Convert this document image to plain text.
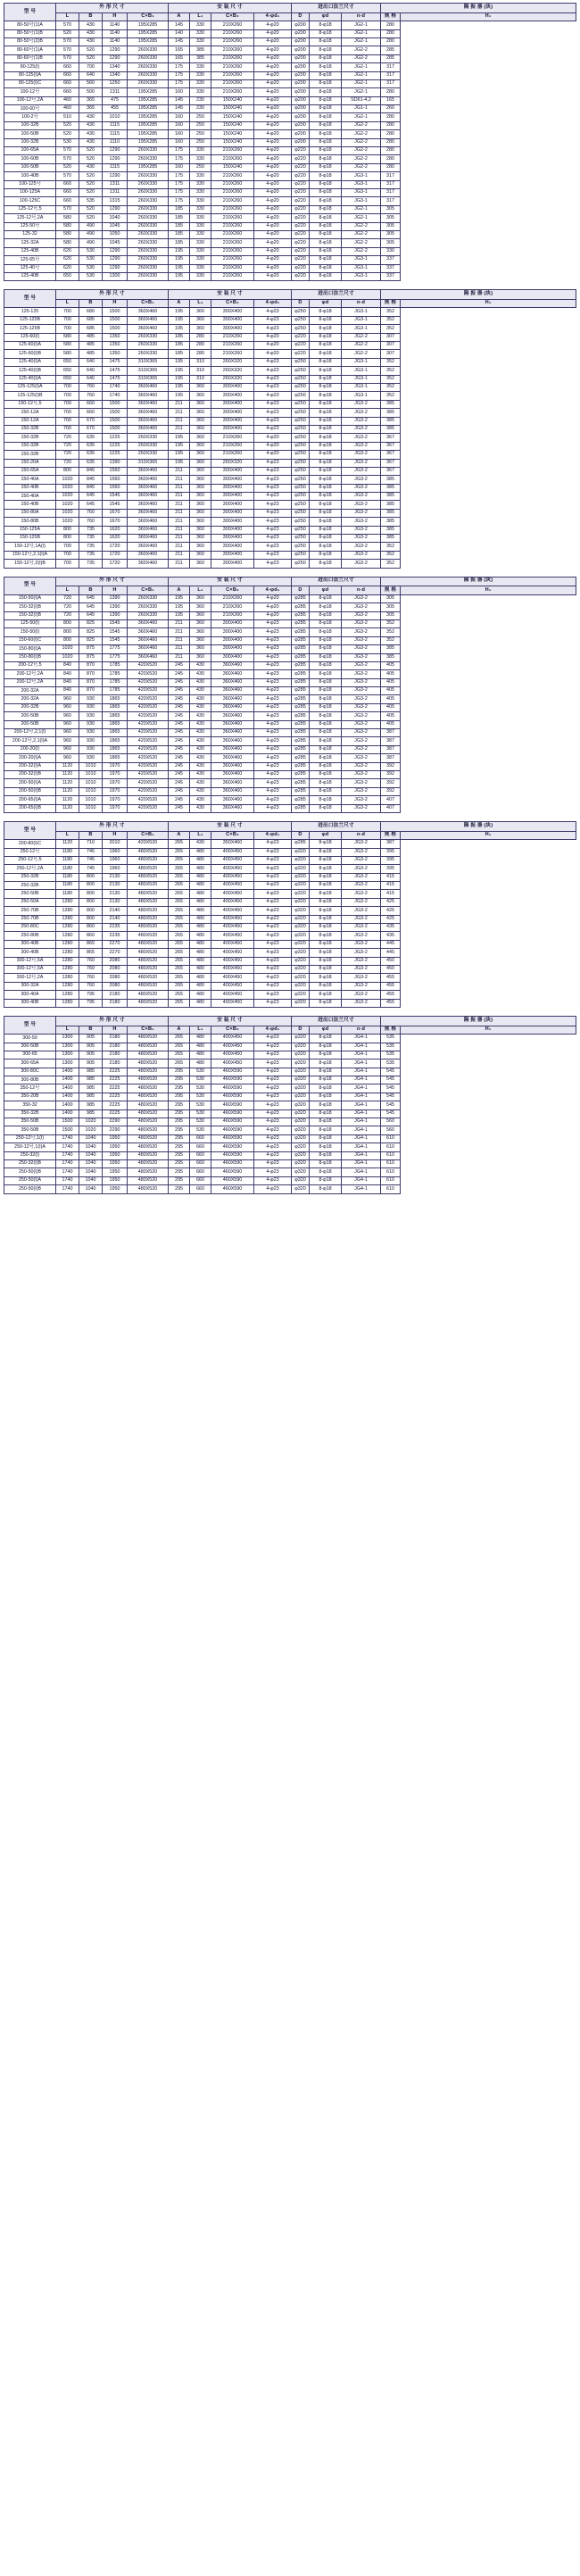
型 号	外 形 尺 寸				安 装 尺 寸				进出口法兰尺寸			隔 振 器 (块)	
	L	B	H	C×B₁	A	L₁	C×B₂	4-φd₁	D	φd	n-d	规 格	H₁
80-50号(1)A	570	430	1140	195X285	145	330	210X260	4-φ20	φ200	8-φ18	JG2-1	280	
80-50号(1)B	520	430	1140	195X285	140	330	210X260	4-φ20	φ200	8-φ18	JG2-1	280	
80-50号(2)B	570	430	1140	195X285	145	330	210X260	4-φ20	φ200	8-φ18	JG2-1	280	
80-60号(1)A	570	520	1290	260X330	165	385	210X260	4-φ20	φ200	8-φ18	JG2-2	285	
80-60号(1)B	570	520	1290	260X330	165	385	210X260	4-φ20	φ200	8-φ18	JG2-2	285	
80-125(I)	660	700	1340	260X330	175	330	210X260	4-φ20	φ200	8-φ18	JG2-1	317	
80-125(I)A	660	640	1340	260X330	175	330	210X260	4-φ20	φ200	8-φ18	JG2-1	317	
80-125(I)C	660	560	1250	260X330	175	330	210X260	4-φ20	φ200	8-φ18	JG2-1	317	
100-12号	660	500	1311	195X285	160	330	210X260	4-φ20	φ200	8-φ18	JG2-1	280	
100-12号,2A	460	365	475	195X285	145	230	150X240	4-φ20	φ200	8-φ18	SD61-4,2	165	
100-60号	460	365	455	195X285	145	230	150X240	4-φ20	φ200	8-φ18	JG1-1	260	
100-2号	510	430	1010	195X285	160	250	150X240	4-φ20	φ200	8-φ18	JG2-1	280	
100-32B	520	430	1115	195X285	160	250	150X240	4-φ20	φ200	8-φ18	JG2-2	280	
100-50B	520	430	1115	195X285	160	250	150X240	4-φ20	φ200	8-φ18	JG2-2	280	
100-32B	530	430	1110	195X285	160	250	150X240	4-φ20	φ200	8-φ18	JG2-2	280	
100-65A	570	520	1290	260X330	175	330	210X260	4-φ20	φ220	8-φ18	JG2-2	280	
100-60B	570	520	1290	260X330	175	330	210X260	4-φ20	φ220	8-φ18	JG2-2	280	
100-50B	520	430	1115	195X285	160	250	150X240	4-φ20	φ220	8-φ18	JG2-2	280	
100-40B	570	520	1290	260X330	175	330	210X260	4-φ20	φ220	8-φ18	JG3-1	317	
100-125号	660	520	1311	260X330	175	330	210X260	4-φ20	φ220	8-φ18	JG3-1	317	
100-125A	660	520	1311	260X330	175	330	210X260	4-φ20	φ220	8-φ18	JG3-1	317	
100-125C	660	535	1315	260X330	175	330	210X260	4-φ20	φ220	8-φ18	JG3-1	317	
125-12号,5	570	520	1290	260X330	185	330	210X260	4-φ20	φ220	8-φ18	JG2-1	305	
125-12号,2A	580	520	1040	260X330	185	330	210X260	4-φ20	φ220	8-φ18	JG2-1	305	
125-50号	580	490	1045	260X330	185	330	210X260	4-φ20	φ220	8-φ18	JG2-2	305	
125-32	580	490	1050	260X330	185	330	210X260	4-φ20	φ220	8-φ18	JG2-2	305	
125-32A	580	490	1045	260X330	185	330	210X260	4-φ20	φ220	8-φ18	JG2-2	305	
125-40B	620	530	1290	260X330	195	330	210X260	4-φ20	φ220	8-φ18	JG2-2	330	
125-65号	620	530	1290	260X330	195	330	210X260	4-φ20	φ220	8-φ18	JG3-1	337	
125-40号	620	530	1290	260X330	195	330	210X260	4-φ20	φ220	8-φ18	JG3-1	337	
125-40B	650	530	1300	260X330	195	330	210X260	4-φ20	φ220	8-φ18	JG3-1	337	
型 号	外 形 尺 寸				安 装 尺 寸				进出口法兰尺寸			隔 振 器 (块)	
	L	B	H	C×B₁	A	L₁	C×B₂	4-φd₁	D	φd	n-d	规 格	H₁
125-125	700	680	1500	360X460	195	360	300X400	4-φ23	φ250	8-φ18	JG3-1	352	
125-125B	700	685	1500	360X460	195	360	300X400	4-φ23	φ250	8-φ18	JG3-1	352	
125-125B	700	685	1500	360X460	195	360	300X400	4-φ23	φ250	8-φ18	JG3-1	352	
125-60(I)	580	485	1350	260X330	185	280	210X260	4-φ20	φ220	8-φ18	JG2-2	307	
125-60(I)A	580	485	1350	260X330	185	280	210X260	4-φ20	φ220	8-φ18	JG2-2	307	
125-60(I)B	580	485	1350	260X330	185	280	210X260	4-φ20	φ220	8-φ18	JG2-2	307	
125-40(I)A	650	640	1475	310X365	195	310	260X320	4-φ23	φ250	8-φ18	JG3-1	352	
125-40(I)B	650	640	1475	310X365	195	310	260X320	4-φ23	φ250	8-φ18	JG3-1	352	
125-40(I)A	650	640	1475	310X365	195	310	260X320	4-φ23	φ250	8-φ18	JG3-1	352	
125-125(I)A	700	760	1740	360X460	195	360	300X400	4-φ23	φ250	8-φ18	JG3-1	352	
125-125(I)B	700	760	1740	360X460	195	360	300X400	4-φ23	φ250	8-φ18	JG3-1	352	
150-12号,5	700	660	1500	360X460	211	360	300X400	4-φ23	φ250	8-φ18	JG3-2	385	
150-12A	700	660	1500	360X460	211	360	300X400	4-φ23	φ250	8-φ18	JG3-2	385	
150-12A	700	670	1500	360X460	211	360	300X400	4-φ23	φ250	8-φ18	JG3-2	385	
150-32B	700	670	1500	360X460	211	360	300X400	4-φ23	φ250	8-φ18	JG3-2	385	
150-32B	720	635	1225	260X330	195	360	210X260	4-φ20	φ250	8-φ18	JG3-2	367	
150-32B	720	635	1225	260X330	195	360	210X260	4-φ20	φ250	8-φ18	JG3-2	367	
150-32B	720	635	1225	260X330	195	360	210X260	4-φ20	φ250	8-φ18	JG3-2	367	
150-20A	720	635	1390	310X365	195	360	260X320	4-φ23	φ250	8-φ18	JG3-2	367	
150-65A	800	845	1560	360X460	211	360	300X400	4-φ23	φ250	8-φ18	JG3-2	367	
150-40A	1020	845	1560	360X460	211	360	300X400	4-φ23	φ250	8-φ18	JG3-2	385	
150-40B	1020	845	1560	360X460	211	360	300X400	4-φ23	φ250	8-φ18	JG3-2	385	
150-40A	1020	645	1545	360X460	211	360	300X400	4-φ23	φ250	8-φ18	JG3-2	385	
150-40B	1020	645	1545	360X460	211	360	300X400	4-φ23	φ250	8-φ18	JG3-2	385	
150-80A	1020	760	1670	360X460	211	360	300X400	4-φ23	φ250	8-φ18	JG3-2	385	
150-80B	1020	760	1670	360X460	211	360	300X400	4-φ23	φ250	8-φ18	JG3-2	385	
150-125A	800	735	1620	360X460	211	360	300X400	4-φ23	φ250	8-φ18	JG3-2	385	
150-125B	800	735	1620	360X460	211	360	300X400	4-φ23	φ250	8-φ18	JG3-2	385	
150-12号,1A(I)	700	735	1720	360X460	211	360	300X400	4-φ23	φ250	8-φ18	JG3-2	352	
150-12号,2,1(I)A	700	735	1720	360X460	211	360	300X400	4-φ23	φ250	8-φ18	JG3-2	352	
150-12号,2(I)B	700	735	1720	360X460	211	360	300X400	4-φ23	φ250	8-φ18	JG3-2	352	
型 号	外 形 尺 寸				安 装 尺 寸				进出口法兰尺寸			隔 振 器 (块)	
	L	B	H	C×B₁	A	L₁	C×B₂	4-φd₁	D	φd	n-d	规 格	H₁
150-50(I)A	720	645	1390	260X330	195	360	210X260	4-φ20	φ285	8-φ18	JG3-2	305	
150-32(I)B	720	645	1390	260X330	195	360	210X260	4-φ20	φ285	8-φ18	JG3-2	305	
150-32(I)B	720	645	1390	260X330	195	360	210X260	4-φ20	φ285	8-φ18	JG3-2	305	
125-50(I)	800	825	1545	360X460	211	360	300X400	4-φ23	φ285	8-φ18	JG3-2	352	
150-50(I)	800	825	1545	360X460	211	360	300X400	4-φ23	φ285	8-φ18	JG3-2	352	
150-60(I)C	800	825	1545	360X460	211	360	300X400	4-φ23	φ285	8-φ18	JG3-2	352	
150-80(I)A	1020	875	1775	360X460	211	360	300X400	4-φ23	φ285	8-φ18	JG3-2	385	
150-80(I)B	1020	875	1775	360X460	211	360	300X400	4-φ23	φ285	8-φ18	JG3-2	385	
200-12号,5	840	870	1785	420X520	245	430	360X460	4-φ23	φ285	8-φ18	JG3-2	405	
200-12号,2A	840	870	1785	420X520	245	430	360X460	4-φ23	φ285	8-φ18	JG3-2	405	
200-12号,2A	840	870	1785	420X520	245	430	360X460	4-φ23	φ285	8-φ18	JG3-2	405	
200-32A	840	870	1785	420X520	245	430	360X460	4-φ23	φ285	8-φ18	JG3-2	405	
200-32A	960	930	1865	420X520	245	430	360X460	4-φ23	φ285	8-φ18	JG3-2	405	
200-32B	960	930	1865	420X520	245	430	360X460	4-φ23	φ285	8-φ18	JG3-2	405	
200-50B	960	930	1865	420X520	245	430	360X460	4-φ23	φ285	8-φ18	JG3-2	405	
200-50B	960	930	1865	420X520	245	430	360X460	4-φ23	φ285	8-φ18	JG3-2	405	
200-12号,2,1(I)	960	930	1865	420X520	245	430	360X460	4-φ23	φ285	8-φ18	JG3-2	387	
200-12号,2,1(I)A	960	930	1865	420X520	245	430	360X460	4-φ23	φ285	8-φ18	JG3-2	387	
200-20(I)	960	930	1865	420X520	245	430	360X460	4-φ23	φ285	8-φ18	JG3-2	387	
200-20(I)A	960	930	1865	420X520	245	430	360X460	4-φ23	φ285	8-φ18	JG3-2	387	
200-32(I)A	1120	1010	1970	420X520	245	430	360X460	4-φ23	φ285	8-φ18	JG3-2	392	
200-32(I)B	1120	1010	1970	420X520	245	430	360X460	4-φ23	φ285	8-φ18	JG3-2	392	
200-50(I)A	1120	1010	1970	420X520	245	430	360X460	4-φ23	φ285	8-φ18	JG3-2	392	
200-50(I)B	1120	1010	1970	420X520	245	430	360X460	4-φ23	φ285	8-φ18	JG3-2	392	
200-65(I)A	1120	1010	1970	420X520	245	430	360X460	4-φ23	φ285	8-φ18	JG3-2	407	
200-65(I)B	1120	1010	1970	420X520	245	430	360X460	4-φ23	φ285	8-φ18	JG3-2	407	
型 号	外 形 尺 寸				安 装 尺 寸				进出口法兰尺寸			隔 振 器 (块)	
	L	B	H	C×B₁	A	L₁	C×B₂	4-φd₁	D	φd	n-d	规 格	H₁
200-80(I)C	1120	710	2010	420X520	265	430	350X460	4-φ23	φ285	8-φ18	JG3-2	387	
250-12号	1180	745	1960	480X520	265	480	400X450	4-φ23	φ320	8-φ18	JG3-2	395	
250-12号,5	1180	745	1960	480X520	265	480	400X450	4-φ23	φ320	8-φ18	JG3-2	395	
250-12号,2A	1180	745	1960	480X520	265	480	400X450	4-φ23	φ320	8-φ18	JG3-2	395	
250-32B	1180	800	2130	480X520	265	480	400X450	4-φ23	φ320	8-φ18	JG3-2	415	
250-32B	1180	800	2130	480X520	265	480	400X450	4-φ23	φ320	8-φ18	JG3-2	415	
250-50B	1180	800	2130	480X520	265	480	400X450	4-φ23	φ320	8-φ18	JG3-2	415	
250-50A	1280	800	2130	480X520	265	480	400X450	4-φ23	φ320	8-φ18	JG3-2	425	
250-70B	1280	800	2140	480X520	265	480	400X450	4-φ23	φ320	8-φ18	JG3-2	425	
250-70B	1280	800	2140	480X520	265	480	400X450	4-φ23	φ320	8-φ18	JG3-2	425	
250-80C	1280	860	2235	480X520	265	480	400X450	4-φ23	φ320	8-φ18	JG3-2	435	
250-80B	1280	860	2235	480X520	265	480	400X450	4-φ23	φ320	8-φ18	JG3-2	435	
300-40B	1280	865	2270	480X520	265	480	400X450	4-φ23	φ320	8-φ18	JG3-2	445	
300-40B	1280	865	2270	480X520	265	480	400X450	4-φ23	φ320	8-φ18	JG3-2	445	
300-12号,5A	1280	760	2080	480X520	265	480	400X450	4-φ23	φ320	8-φ18	JG3-2	450	
300-12号,5A	1280	760	2080	480X520	265	480	400X450	4-φ23	φ320	8-φ18	JG3-2	450	
300-12号,2A	1280	760	2080	480X520	265	480	400X450	4-φ23	φ320	8-φ18	JG3-2	455	
300-32A	1280	760	2080	480X520	265	480	400X450	4-φ23	φ320	8-φ18	JG3-2	455	
300-40A	1280	795	2180	480X520	265	480	400X450	4-φ23	φ320	8-φ18	JG3-2	455	
300-40B	1280	795	2180	480X520	265	480	400X450	4-φ23	φ320	8-φ18	JG3-2	455	
型 号	外 形 尺 寸				安 装 尺 寸				进出口法兰尺寸			隔 振 器 (块)	
	L	B	H	C×B₁	A	L₁	C×B₂	4-φd₁	D	φd	n-d	规 格	H₁
300-50	1300	905	2180	480X520	265	480	400X450	4-φ23	φ320	8-φ18	JG4-1	535	
300-50B	1300	905	2180	480X520	265	480	400X450	4-φ23	φ320	8-φ18	JG4-1	535	
300-65	1300	905	2180	480X520	265	480	400X450	4-φ23	φ320	8-φ18	JG4-1	535	
300-65A	1300	905	2180	480X520	265	480	400X450	4-φ23	φ320	8-φ18	JG4-1	535	
300-80C	1400	985	2225	480X520	295	530	460X590	4-φ23	φ320	8-φ18	JG4-1	545	
300-80B	1400	985	2225	480X520	295	530	460X590	4-φ23	φ320	8-φ18	JG4-1	545	
350-12号	1400	985	2225	480X520	295	530	460X590	4-φ23	φ320	8-φ18	JG4-1	545	
350-20B	1400	985	2225	480X520	295	530	460X590	4-φ23	φ320	8-φ18	JG4-1	545	
350-32	1400	985	2225	480X520	295	530	460X590	4-φ23	φ320	8-φ18	JG4-1	545	
350-32B	1400	985	2225	480X520	295	530	460X590	4-φ23	φ320	8-φ18	JG4-1	545	
350-50B	1500	1020	2290	480X520	295	530	460X590	4-φ23	φ320	8-φ18	JG4-1	560	
350-50B	1500	1020	2290	480X520	295	530	460X590	4-φ23	φ320	8-φ18	JG4-1	560	
250-12号,1(I)	1740	1040	1950	480X520	295	660	460X590	4-φ23	φ320	8-φ18	JG4-1	610	
250-12号,1(I)A	1740	1040	1950	480X520	295	660	460X590	4-φ23	φ320	8-φ18	JG4-1	610	
250-32(I)	1740	1040	1950	480X520	295	660	460X590	4-φ23	φ320	8-φ18	JG4-1	610	
250-32(I)B	1740	1040	1950	480X520	295	660	460X590	4-φ23	φ320	8-φ18	JG4-1	610	
250-50(I)B	1740	1040	1950	480X520	295	660	460X590	4-φ23	φ320	8-φ18	JG4-1	610	
250-50(I)A	1740	1040	1950	480X520	295	660	460X590	4-φ23	φ320	8-φ18	JG4-1	610	
250-50(I)B	1740	1040	1950	480X520	295	660	460X590	4-φ23	φ320	8-φ18	JG4-1	610	
